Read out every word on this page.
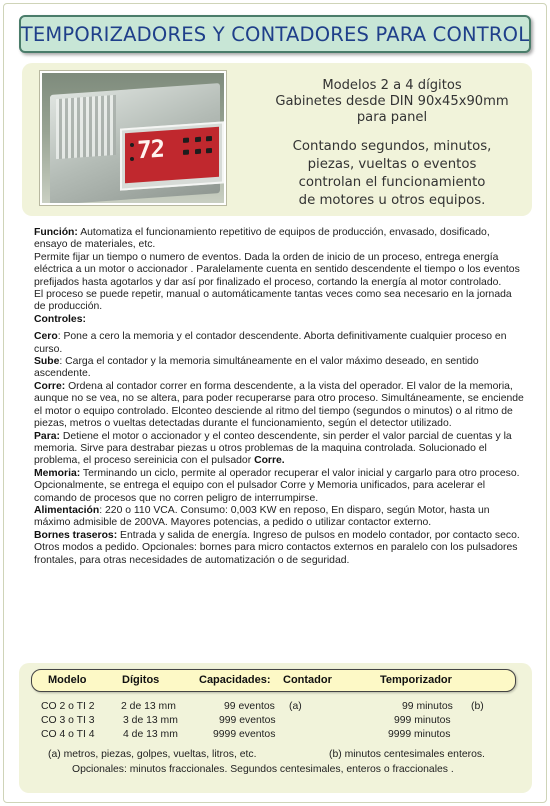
TEMPORIZADORES Y CONTADORES PARA CONTROL
72
Modelos 2 a 4 dígitos
Gabinetes desde DIN 90x45x90mm
para panel
Contando segundos, minutos,
piezas, vueltas o eventos
controlan el funcionamiento
de motores u otros equipos.

Función: Automatiza el funcionamiento repetitivo de equipos de producción, envasado, dosificado, ensayo de materiales, etc.

Permite fijar un tiempo o numero de eventos. Dada la orden de inicio de un proceso, entrega energía eléctrica a un motor o accionador . Paralelamente cuenta en sentido descendente el tiempo o los eventos prefijados hasta agotarlos y dar así por finalizado el proceso, cortando la energía al motor controlado.

El proceso se puede repetir, manual o automáticamente tantas veces como sea necesario en la jornada de producción.

Controles:

Cero: Pone a cero la memoria y el contador descendente. Aborta definitivamente cualquier proceso en curso.

Sube: Carga el contador y la memoria simultáneamente en el valor máximo deseado, en sentido ascendente.

Corre: Ordena al contador correr en forma descendente, a la vista del operador. El valor de la memoria, aunque no se vea, no se altera, para poder recuperarse para otro proceso. Simultáneamente, se enciende el motor o equipo controlado. Elconteo desciende al ritmo del tiempo (segundos o minutos) o al ritmo de piezas, metros o vueltas detectadas durante el funcionamiento, según el detector utilizado.

Para: Detiene el motor o accionador y el conteo descendente, sin perder el valor parcial de cuentas y la memoria. Sirve para destrabar piezas u otros problemas de la maquina controlada. Solucionado el problema, el proceso sereinicia con el pulsador Corre.

Memoria: Terminando un ciclo, permite al operador recuperar el valor inicial y cargarlo para otro proceso. Opcionalmente, se entrega el equipo con el pulsador Corre y Memoria unificados, para acelerar el comando de procesos que no corren peligro de interrumpirse.

Alimentación: 220 o 110 VCA. Consumo: 0,003 KW en reposo, En disparo, según Motor, hasta un máximo admisible de 200VA. Mayores potencias, a pedido o utilizar contactor externo.

Bornes traseros: Entrada y salida de energía. Ingreso de pulsos en modelo contador, por contacto seco. Otros modos a pedido. Opcionales: bornes para micro contactos externos en paralelo con los pulsadores frontales, para otras necesidades de automatización o de seguridad.

Modelo	Dígitos	Capacidades: Contador	Temporizador
CO 2 o TI 2	2 de 13 mm	99 eventos (a)	99 minutos (b)
CO 3 o TI 3	3 de 13 mm	999 eventos	999 minutos
CO 4 o TI 4	4 de 13 mm	9999 eventos	9999 minutos
(a) metros, piezas, golpes, vueltas, litros, etc.	(b) minutos centesimales enteros.
Opcionales: minutos fraccionales. Segundos centesimales, enteros o fraccionales .
